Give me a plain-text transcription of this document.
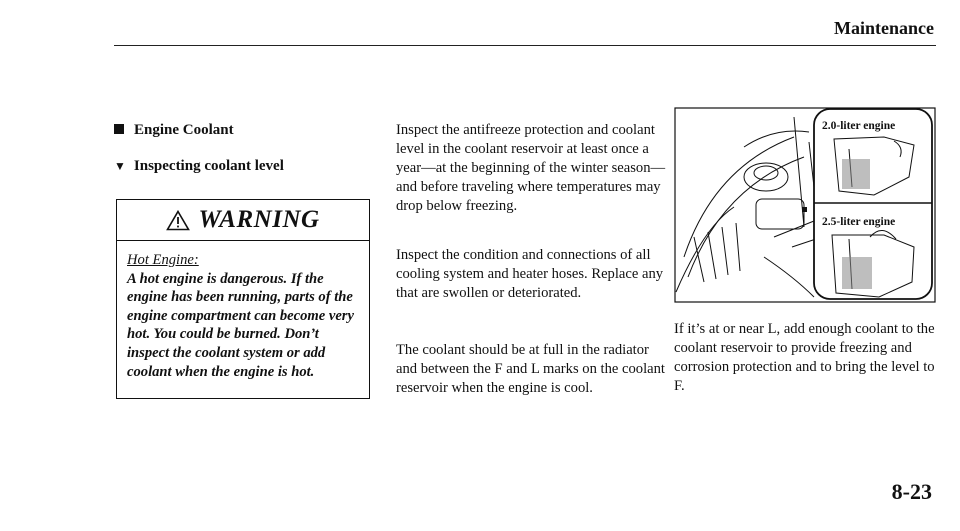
Maintenance
Engine Coolant
▼ Inspecting coolant level
WARNING
Hot Engine:
A hot engine is dangerous. If the engine has been running, parts of the engine compartment can become very hot. You could be burned. Don’t inspect the coolant system or add coolant when the engine is hot.
Inspect the antifreeze protection and coolant level in the coolant reservoir at least once a year—at the beginning of the winter season—and before traveling where temperatures may drop below freezing.
Inspect the condition and connections of all cooling system and heater hoses. Replace any that are swollen or deteriorated.
The coolant should be at full in the radiator and between the F and L marks on the coolant reservoir when the engine is cool.
2.0-liter engine
2.5-liter engine
If it’s at or near L, add enough coolant to the coolant reservoir to provide freezing and corrosion protection and to bring the level to F.
8-23
